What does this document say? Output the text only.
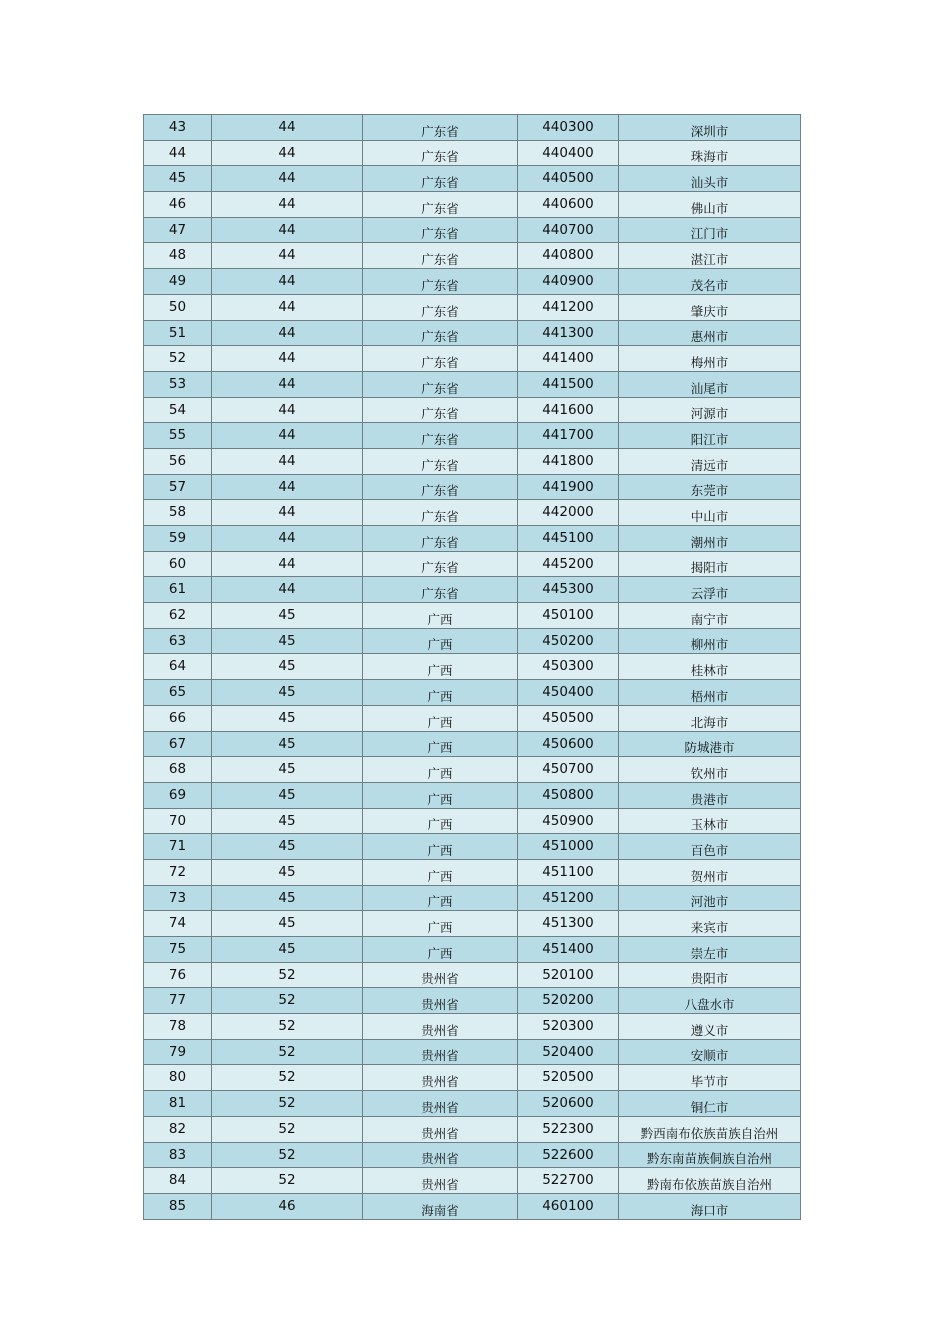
43	44	广东省	440300	深圳市
44	44	广东省	440400	珠海市
45	44	广东省	440500	汕头市
46	44	广东省	440600	佛山市
47	44	广东省	440700	江门市
48	44	广东省	440800	湛江市
49	44	广东省	440900	茂名市
50	44	广东省	441200	肇庆市
51	44	广东省	441300	惠州市
52	44	广东省	441400	梅州市
53	44	广东省	441500	汕尾市
54	44	广东省	441600	河源市
55	44	广东省	441700	阳江市
56	44	广东省	441800	清远市
57	44	广东省	441900	东莞市
58	44	广东省	442000	中山市
59	44	广东省	445100	潮州市
60	44	广东省	445200	揭阳市
61	44	广东省	445300	云浮市
62	45	广西	450100	南宁市
63	45	广西	450200	柳州市
64	45	广西	450300	桂林市
65	45	广西	450400	梧州市
66	45	广西	450500	北海市
67	45	广西	450600	防城港市
68	45	广西	450700	钦州市
69	45	广西	450800	贵港市
70	45	广西	450900	玉林市
71	45	广西	451000	百色市
72	45	广西	451100	贺州市
73	45	广西	451200	河池市
74	45	广西	451300	来宾市
75	45	广西	451400	崇左市
76	52	贵州省	520100	贵阳市
77	52	贵州省	520200	八盘水市
78	52	贵州省	520300	遵义市
79	52	贵州省	520400	安顺市
80	52	贵州省	520500	毕节市
81	52	贵州省	520600	铜仁市
82	52	贵州省	522300	黔西南布依族苗族自治州
83	52	贵州省	522600	黔东南苗族侗族自治州
84	52	贵州省	522700	黔南布依族苗族自治州
85	46	海南省	460100	海口市
